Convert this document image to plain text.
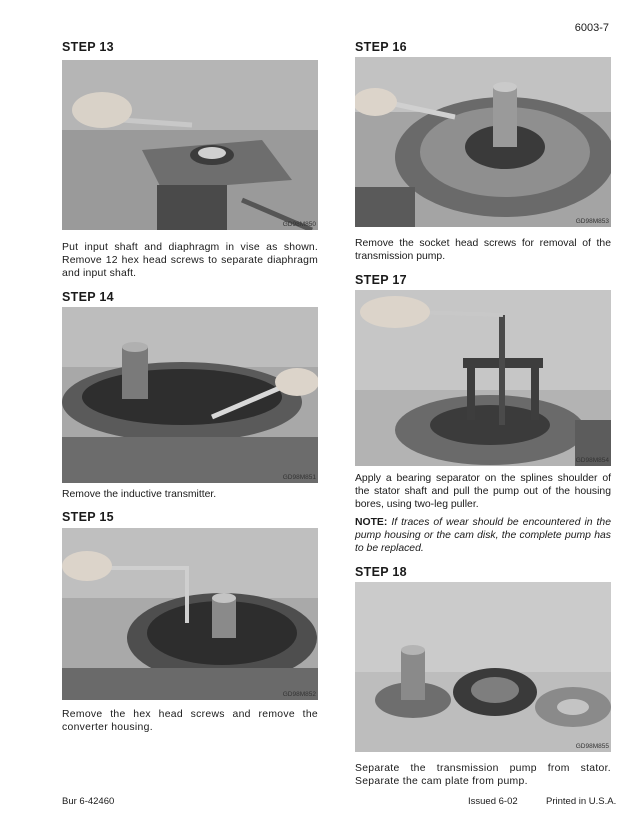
6003-7
STEP 13
GD98M850

Put input shaft and diaphragm in vise as shown. Remove 12 hex head screws to separate diaphragm and input shaft.

STEP 14
GD98M851

Remove the inductive transmitter.

STEP 15
GD98M852

Remove the hex head screws and remove the converter housing.

STEP 16
GD98M853

Remove the socket head screws for removal of the transmission pump.

STEP 17
GD98M854

Apply a bearing separator on the splines shoulder of the stator shaft and pull the pump out of the housing bores, using two-leg puller.

NOTE: If traces of wear should be encountered in the pump housing or the cam disk, the complete pump has to be replaced.

STEP 18
GD98M855

Separate the transmission pump from stator. Separate the cam plate from pump.

Bur 6-42460	Issued 6-02	Printed in U.S.A.
